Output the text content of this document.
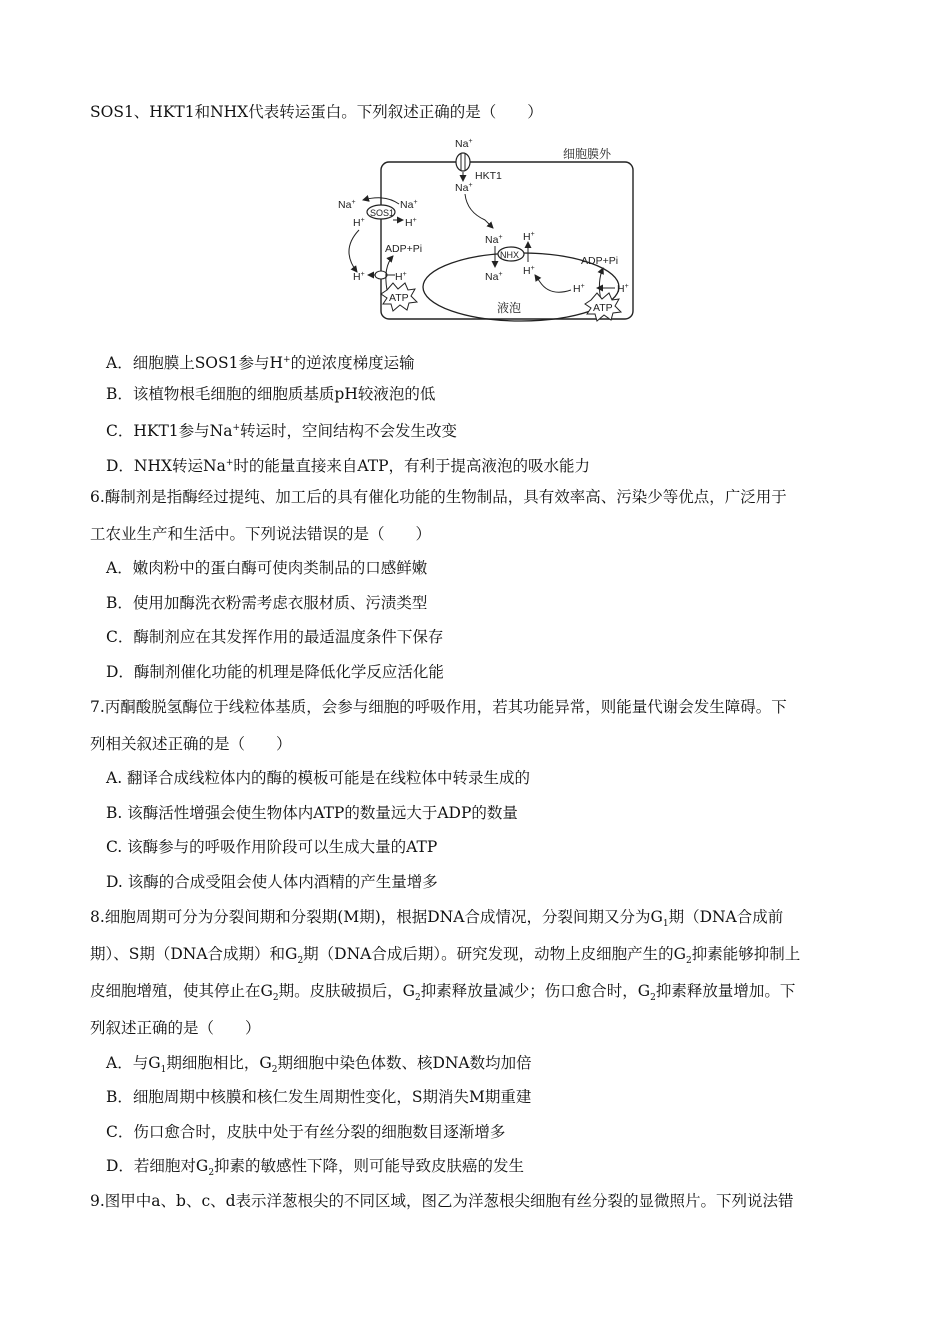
SOS1、HKT1和NHX代表转运蛋白。下列叙述正确的是（　　）
细胞膜外
Na+
HKT1
Na+
SOS1
Na+	Na+
H+	H+
H+	H+
ADP+Pi
ATP
液泡
NHX
Na+
Na+
H+
H+
ADP+Pi
H+	H+
ATP
A．细胞膜上SOS1参与H+的逆浓度梯度运输
B．该植物根毛细胞的细胞质基质pH较液泡的低
C．HKT1参与Na+转运时，空间结构不会发生改变
D．NHX转运Na+时的能量直接来自ATP，有利于提高液泡的吸水能力
6.酶制剂是指酶经过提纯、加工后的具有催化功能的生物制品，具有效率高、污染少等优点，广泛用于
工农业生产和生活中。下列说法错误的是（　　）
A．嫩肉粉中的蛋白酶可使肉类制品的口感鲜嫩
B．使用加酶洗衣粉需考虑衣服材质、污渍类型
C．酶制剂应在其发挥作用的最适温度条件下保存
D．酶制剂催化功能的机理是降低化学反应活化能
7.丙酮酸脱氢酶位于线粒体基质，会参与细胞的呼吸作用，若其功能异常，则能量代谢会发生障碍。下
列相关叙述正确的是（　　）
A. 翻译合成线粒体内的酶的模板可能是在线粒体中转录生成的
B. 该酶活性增强会使生物体内ATP的数量远大于ADP的数量
C. 该酶参与的呼吸作用阶段可以生成大量的ATP
D. 该酶的合成受阻会使人体内酒精的产生量增多
8.细胞周期可分为分裂间期和分裂期(M期)，根据DNA合成情况，分裂间期又分为$G_1$期（DNA合成前
期）、S期（DNA合成期）和$G_2$期（DNA合成后期）。研究发现，动物上皮细胞产生的$G_2$抑素能够抑制上
皮细胞增殖，使其停止在$G_2$期。皮肤破损后，$G_2$抑素释放量减少；伤口愈合时，$G_2$抑素释放量增加。下
列叙述正确的是（　　）
A．与$G_1$期细胞相比，$G_2$期细胞中染色体数、核DNA数均加倍
B．细胞周期中核膜和核仁发生周期性变化，S期消失M期重建
C．伤口愈合时，皮肤中处于有丝分裂的细胞数目逐渐增多
D．若细胞对$G_2$抑素的敏感性下降，则可能导致皮肤癌的发生
9.图甲中a、b、c、d表示洋葱根尖的不同区域，图乙为洋葱根尖细胞有丝分裂的显微照片。下列说法错
